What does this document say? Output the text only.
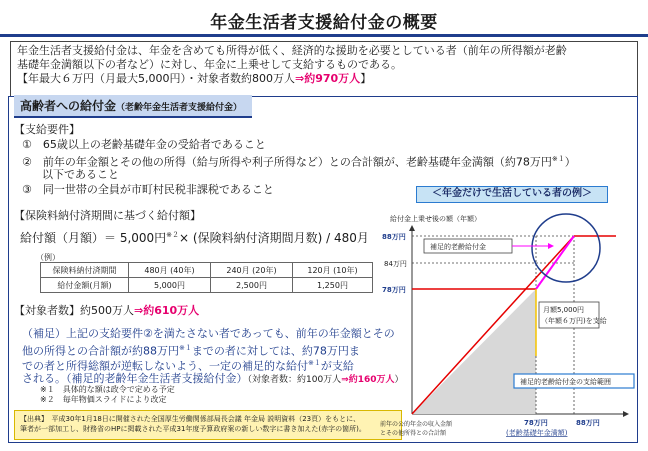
年金生活者支援給付金の概要
年金生活者支援給付金は、年金を含めても所得が低く、経済的な援助を必要としている者（前年の所得額が老齢
基礎年金満額以下の者など）に対し、年金に上乗せして支給するものである。
【年最大６万円（月最大5,000円）・対象者数約800万人⇒約970万人】
高齢者への給付金（老齢年金生活者支援給付金）
【支給要件】
①　65歳以上の老齢基礎年金の受給者であること
②　前年の年金額とその他の所得（給与所得や利子所得など）との合計額が、老齢基礎年金満額（約78万円$^{※1}$）
以下であること
③　同一世帯の全員が市町村民税非課税であること
【保険料納付済期間に基づく給付額】
給付額（月額）＝ 5,000円$^{※2}$× (保険料納付済期間月数) / 480月
（例）
保険料納付済期間	480月 (40年)	240月 (20年)	120月 (10年)
給付金額(月額)	5,000円	2,500円	1,250円
【対象者数】約500万人⇒約610万人
（補足）上記の支給要件②を満たさない者であっても、前年の年金額とその
他の所得との合計額が約88万円$^{※1}$までの者に対しては、約78万円ま
での者と所得総額が逆転しないよう、一定の補足的な給付$^{※1}$が支給
される。（補足的老齢年金生活者支援給付金）（対象者数：約100万人⇒約160万人）
※１　具体的な額は政令で定める予定
※２　毎年物価スライドにより改定
【出典】　平成30年1月18日に開催された全国厚生労働関係部局長会議 年金局 説明資料（23頁）をもとに、
筆者が一部加工し、財務省のHPに掲載された平成31年度予算政府案の新しい数字に書き加えた(赤字の箇所)。
＜年金だけで生活している者の例＞
給付金上乗せ後の額（年額）
88万円
84万円
78万円
補足的老齢給付金
月額5,000円
（年額６万円)を支給
補足的老齢給付金の支給範囲
前年の公的年金の収入金額
とその他所得との合計額
78万円
(老齢基礎年金満額)
88万円
